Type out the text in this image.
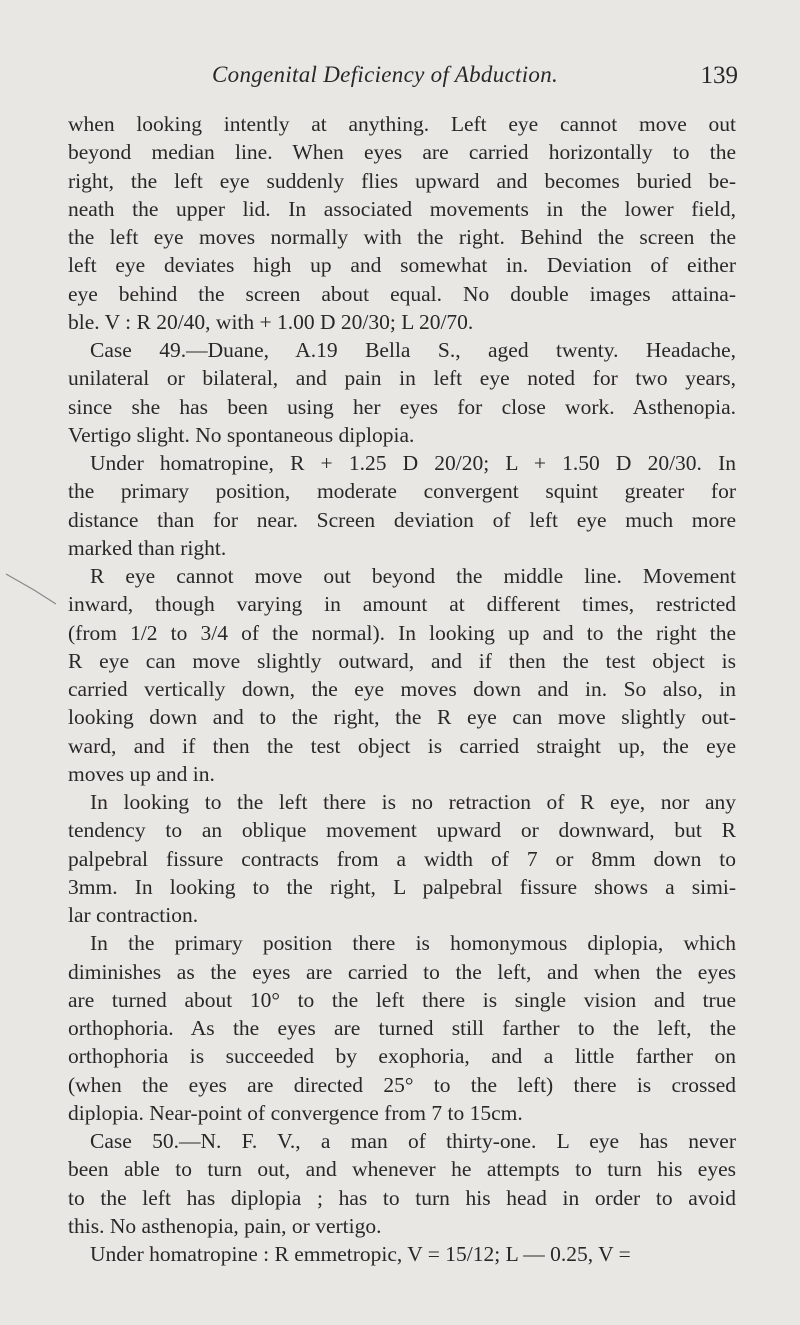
Congenital Deficiency of Abduction.	139
when looking intently at anything. Left eye cannot move out
beyond median line. When eyes are carried horizontally to the
right, the left eye suddenly flies upward and becomes buried be-
neath the upper lid. In associated movements in the lower field,
the left eye moves normally with the right. Behind the screen the
left eye deviates high up and somewhat in. Deviation of either
eye behind the screen about equal. No double images attaina-
ble. V : R 20/40, with + 1.00 D 20/30; L 20/70.
Case 49.—Duane, A.19 Bella S., aged twenty. Headache,
unilateral or bilateral, and pain in left eye noted for two years,
since she has been using her eyes for close work. Asthenopia.
Vertigo slight. No spontaneous diplopia.
Under homatropine, R + 1.25 D 20/20; L + 1.50 D 20/30. In
the primary position, moderate convergent squint greater for
distance than for near. Screen deviation of left eye much more
marked than right.
R eye cannot move out beyond the middle line. Movement
inward, though varying in amount at different times, restricted
(from 1/2 to 3/4 of the normal). In looking up and to the right the
R eye can move slightly outward, and if then the test object is
carried vertically down, the eye moves down and in. So also, in
looking down and to the right, the R eye can move slightly out-
ward, and if then the test object is carried straight up, the eye
moves up and in.
In looking to the left there is no retraction of R eye, nor any
tendency to an oblique movement upward or downward, but R
palpebral fissure contracts from a width of 7 or 8mm down to
3mm. In looking to the right, L palpebral fissure shows a simi-
lar contraction.
In the primary position there is homonymous diplopia, which
diminishes as the eyes are carried to the left, and when the eyes
are turned about 10° to the left there is single vision and true
orthophoria. As the eyes are turned still farther to the left, the
orthophoria is succeeded by exophoria, and a little farther on
(when the eyes are directed 25° to the left) there is crossed
diplopia. Near-point of convergence from 7 to 15cm.
Case 50.—N. F. V., a man of thirty-one. L eye has never
been able to turn out, and whenever he attempts to turn his eyes
to the left has diplopia ; has to turn his head in order to avoid
this. No asthenopia, pain, or vertigo.
Under homatropine : R emmetropic, V = 15/12; L — 0.25, V =
